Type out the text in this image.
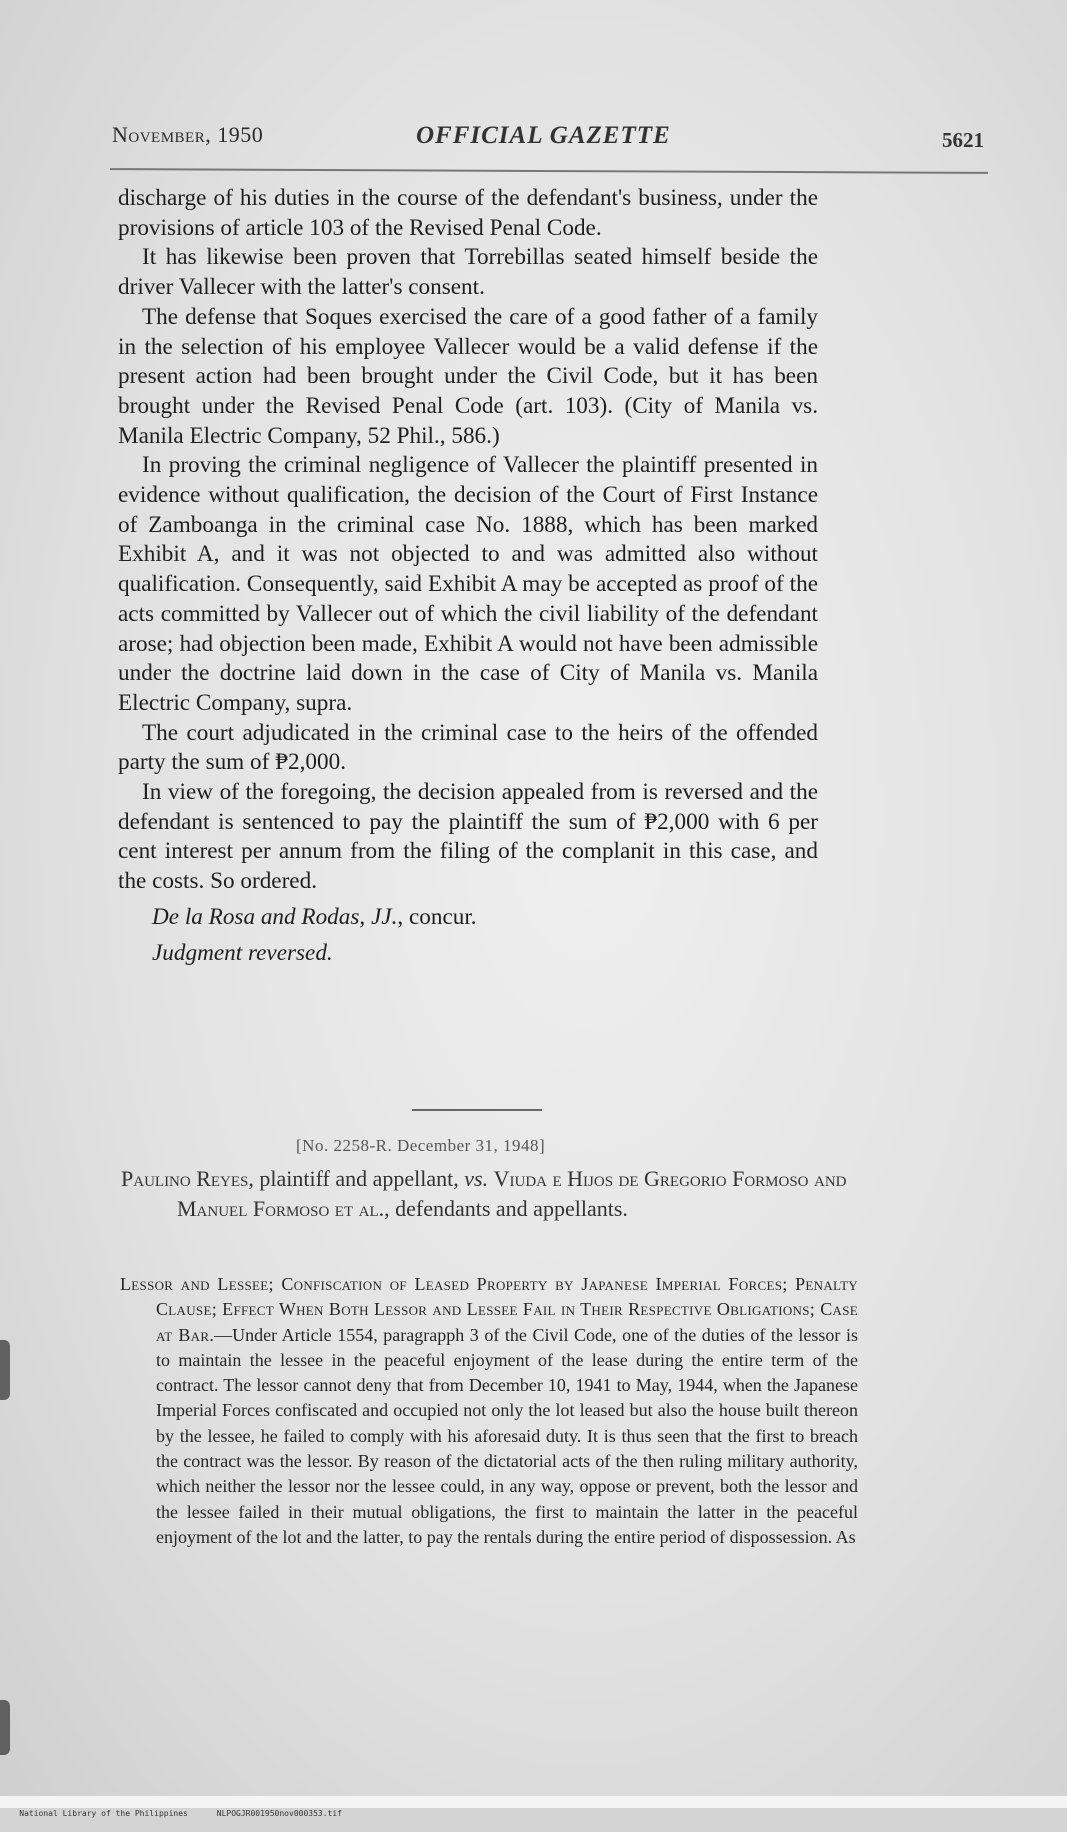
November, 1950	OFFICIAL GAZETTE	5621

discharge of his duties in the course of the defendant's business, under the provisions of article 103 of the Revised Penal Code.

It has likewise been proven that Torrebillas seated himself beside the driver Vallecer with the latter's consent.

The defense that Soques exercised the care of a good father of a family in the selection of his employee Vallecer would be a valid defense if the present action had been brought under the Civil Code, but it has been brought under the Revised Penal Code (art. 103). (City of Manila vs. Manila Electric Company, 52 Phil., 586.)

In proving the criminal negligence of Vallecer the plaintiff presented in evidence without qualification, the decision of the Court of First Instance of Zamboanga in the criminal case No. 1888, which has been marked Exhibit A, and it was not objected to and was admitted also without qualification. Consequently, said Exhibit A may be accepted as proof of the acts committed by Vallecer out of which the civil liability of the defendant arose; had objection been made, Exhibit A would not have been admissible under the doctrine laid down in the case of City of Manila vs. Manila Electric Company, supra.

The court adjudicated in the criminal case to the heirs of the offended party the sum of ₱2,000.

In view of the foregoing, the decision appealed from is reversed and the defendant is sentenced to pay the plaintiff the sum of ₱2,000 with 6 per cent interest per annum from the filing of the complanit in this case, and the costs. So ordered.

De la Rosa and Rodas, JJ., concur.

Judgment reversed.

[No. 2258-R. December 31, 1948]
Paulino Reyes, plaintiff and appellant, vs. Viuda e Hijos de Gregorio Formoso and Manuel Formoso et al., defendants and appellants.
Lessor and Lessee; Confiscation of Leased Property by Japanese Imperial Forces; Penalty Clause; Effect When Both Lessor and Lessee Fail in Their Respective Obligations; Case at Bar.—Under Article 1554, paragrapph 3 of the Civil Code, one of the duties of the lessor is to maintain the lessee in the peaceful enjoyment of the lease during the entire term of the contract. The lessor cannot deny that from December 10, 1941 to May, 1944, when the Japanese Imperial Forces confiscated and occupied not only the lot leased but also the house built thereon by the lessee, he failed to comply with his aforesaid duty. It is thus seen that the first to breach the contract was the lessor. By reason of the dictatorial acts of the then ruling military authority, which neither the lessor nor the lessee could, in any way, oppose or prevent, both the lessor and the lessee failed in their mutual obligations, the first to maintain the latter in the peaceful enjoyment of the lot and the latter, to pay the rentals during the entire period of dispossession. As

National Library of the Philippines	NLPOGJR001950nov000353.tif
